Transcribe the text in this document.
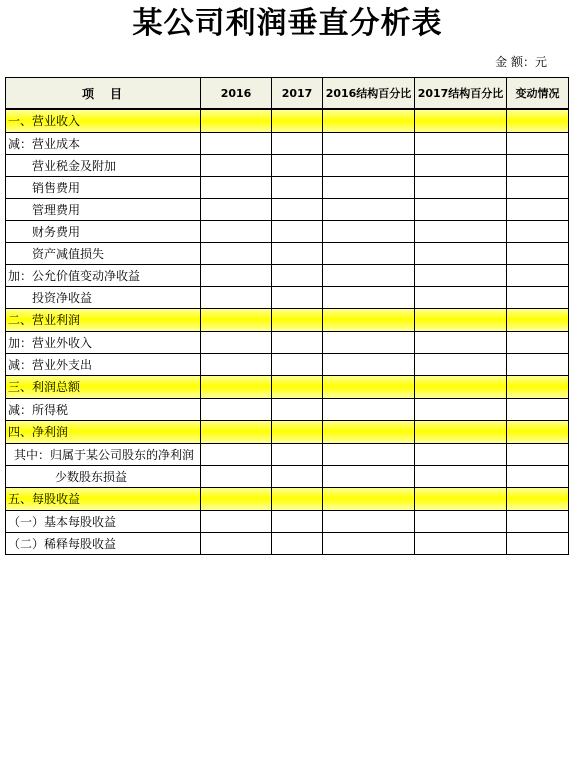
某公司利润垂直分析表
金 额：元
项　目	2016	2017	2016结构百分比	2017结构百分比	变动情况
一、营业收入					
减：营业成本					
营业税金及附加					
销售费用					
管理费用					
财务费用					
资产减值损失					
加：公允价值变动净收益					
投资净收益					
二、营业利润					
加：营业外收入					
减：营业外支出					
三、利润总额					
减：所得税					
四、净利润					
其中：归属于某公司股东的净利润					
少数股东损益					
五、每股收益					
（一）基本每股收益					
（二）稀释每股收益					
